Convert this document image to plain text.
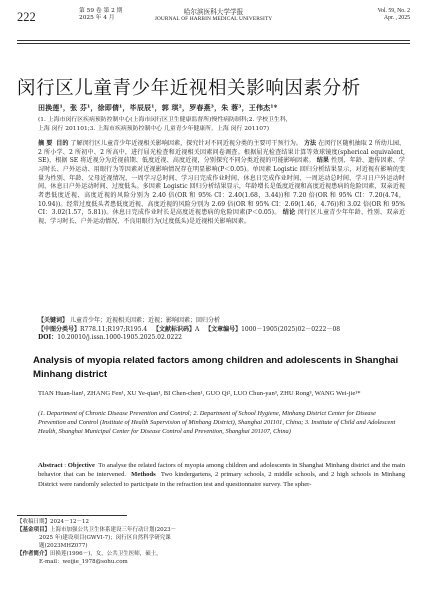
222	第 59 卷 第 2 期
2025 年 4 月
哈尔滨医科大学学报
JOURNAL OF HARBIN MEDICAL UNIVERSITY
Vol. 59, No. 2
Apr. , 2025
闵行区儿童青少年近视相关影响因素分析
田换莲¹，张 芬¹，徐即倩¹，毕辰辰¹，郭 琪²，罗春燕³，朱 蓉³，王伟杰¹*
(1. 上海市闵行区疾病预防控制中心(上海市闵行区卫生健康监督所)慢性病防制科;2. 学校卫生科，
上海 闵行 201101;3. 上海市疾病预防控制中心 儿童青少年健康所，上海 闵行 201107)

摘 要 目的 了解闵行区儿童青少年近视相关影响因素，探究针对不同近视分类的主要可干预行为。 方法 在闵行区随机抽取 2 所幼儿园、2 所小学、2 所初中、2 所高中，进行屈光检查和近视相关因素问卷调查。根据屈光检查结果计算等效球镜度(spherical equivalent, SE)，根据 SE 将近视分为近视前期、低度近视、高度近视，分别探究不同分类近视的可能影响因素。 结果 性别、年龄、遗传因素、学习时长、户外运动、用眼行为等因素对近视影响情况存在明显影响(P＜0.05)。单因素 Logistic 回归分析结果显示，对近视有影响的变量为性别、年龄、父母近视情况、一周学习总时间、学习日完成作业时间、休息日完成作业时间、一周运动总时间、学习日户外运动时间、休息日户外运动时间、过度低头。多因素 Logistic 回归分析结果显示，年龄增长是低度近视和高度近视患病的危险因素，双亲近视者患低度近视、高度近视的风险分别为 2.40 倍(OR 和 95% CI：2.40(1.68，3.44))和 7.20 倍(OR 和 95% CI：7.20(4.74，10.94))。经常过度低头者患低度近视、高度近视的风险分别为 2.69 倍(OR 和 95% CI：2.69(1.46，4.76))和 3.02 倍(OR 和 95% CI：3.02(1.57，5.81))。休息日完成作业时长是高度近视患病的危险因素(P＜0.05)。 结论 闵行区儿童青少年年龄、性别、双亲近视、学习时长、户外运动情况、不良用眼行为(过度低头)是近视相关影响因素。

【关键词】 儿童青少年；近视相关因素；近视；影响因素；回归分析

【中图分类号】R778.11;R197;R195.4 【文献标识码】A 【文章编号】1000－1905(2025)02－0222－08

DOI：10.20010/j.issn.1000-1905.2025.02.0222

Analysis of myopia related factors among children and adolescents in Shanghai Minhang district
TIAN Huan-lian¹, ZHANG Fen¹, XU Ye-qian¹, BI Chen-chen¹, GUO Qi², LUO Chun-yan³, ZHU Rong³, WANG Wei-jie¹*
(1. Department of Chronic Disease Prevention and Control; 2. Department of School Hygiene, Minhang District Center for Disease Prevention and Control (Institute of Health Supervision of Minhang District), Shanghai 201101, China; 3. Institute of Child and Adolescent Health, Shanghai Municipal Center for Disease Control and Prevention, Shanghai 201107, China)
Abstract : Objective To analyse the related factors of myopia among children and adolescents in Shanghai Minhang district and the main behavior that can be intervened. Methods Two kindergartens, 2 primary schools, 2 middle schools, and 2 high schools in Minhang District were randomly selected to participate in the refraction test and questionnaire survey. The spher-

【收稿日期】2024－12－12

【基金项目】上海市加强公共卫生体系建设三年行动计划(2023－

2025 年)建设项目(GWVI-7)；闵行区自然科学研究课

题(2023MHZ077)

【作者简介】田换莲(1996－)，女，公共卫生医师，硕士。

E-mail：weijie_1978@sohu.com
